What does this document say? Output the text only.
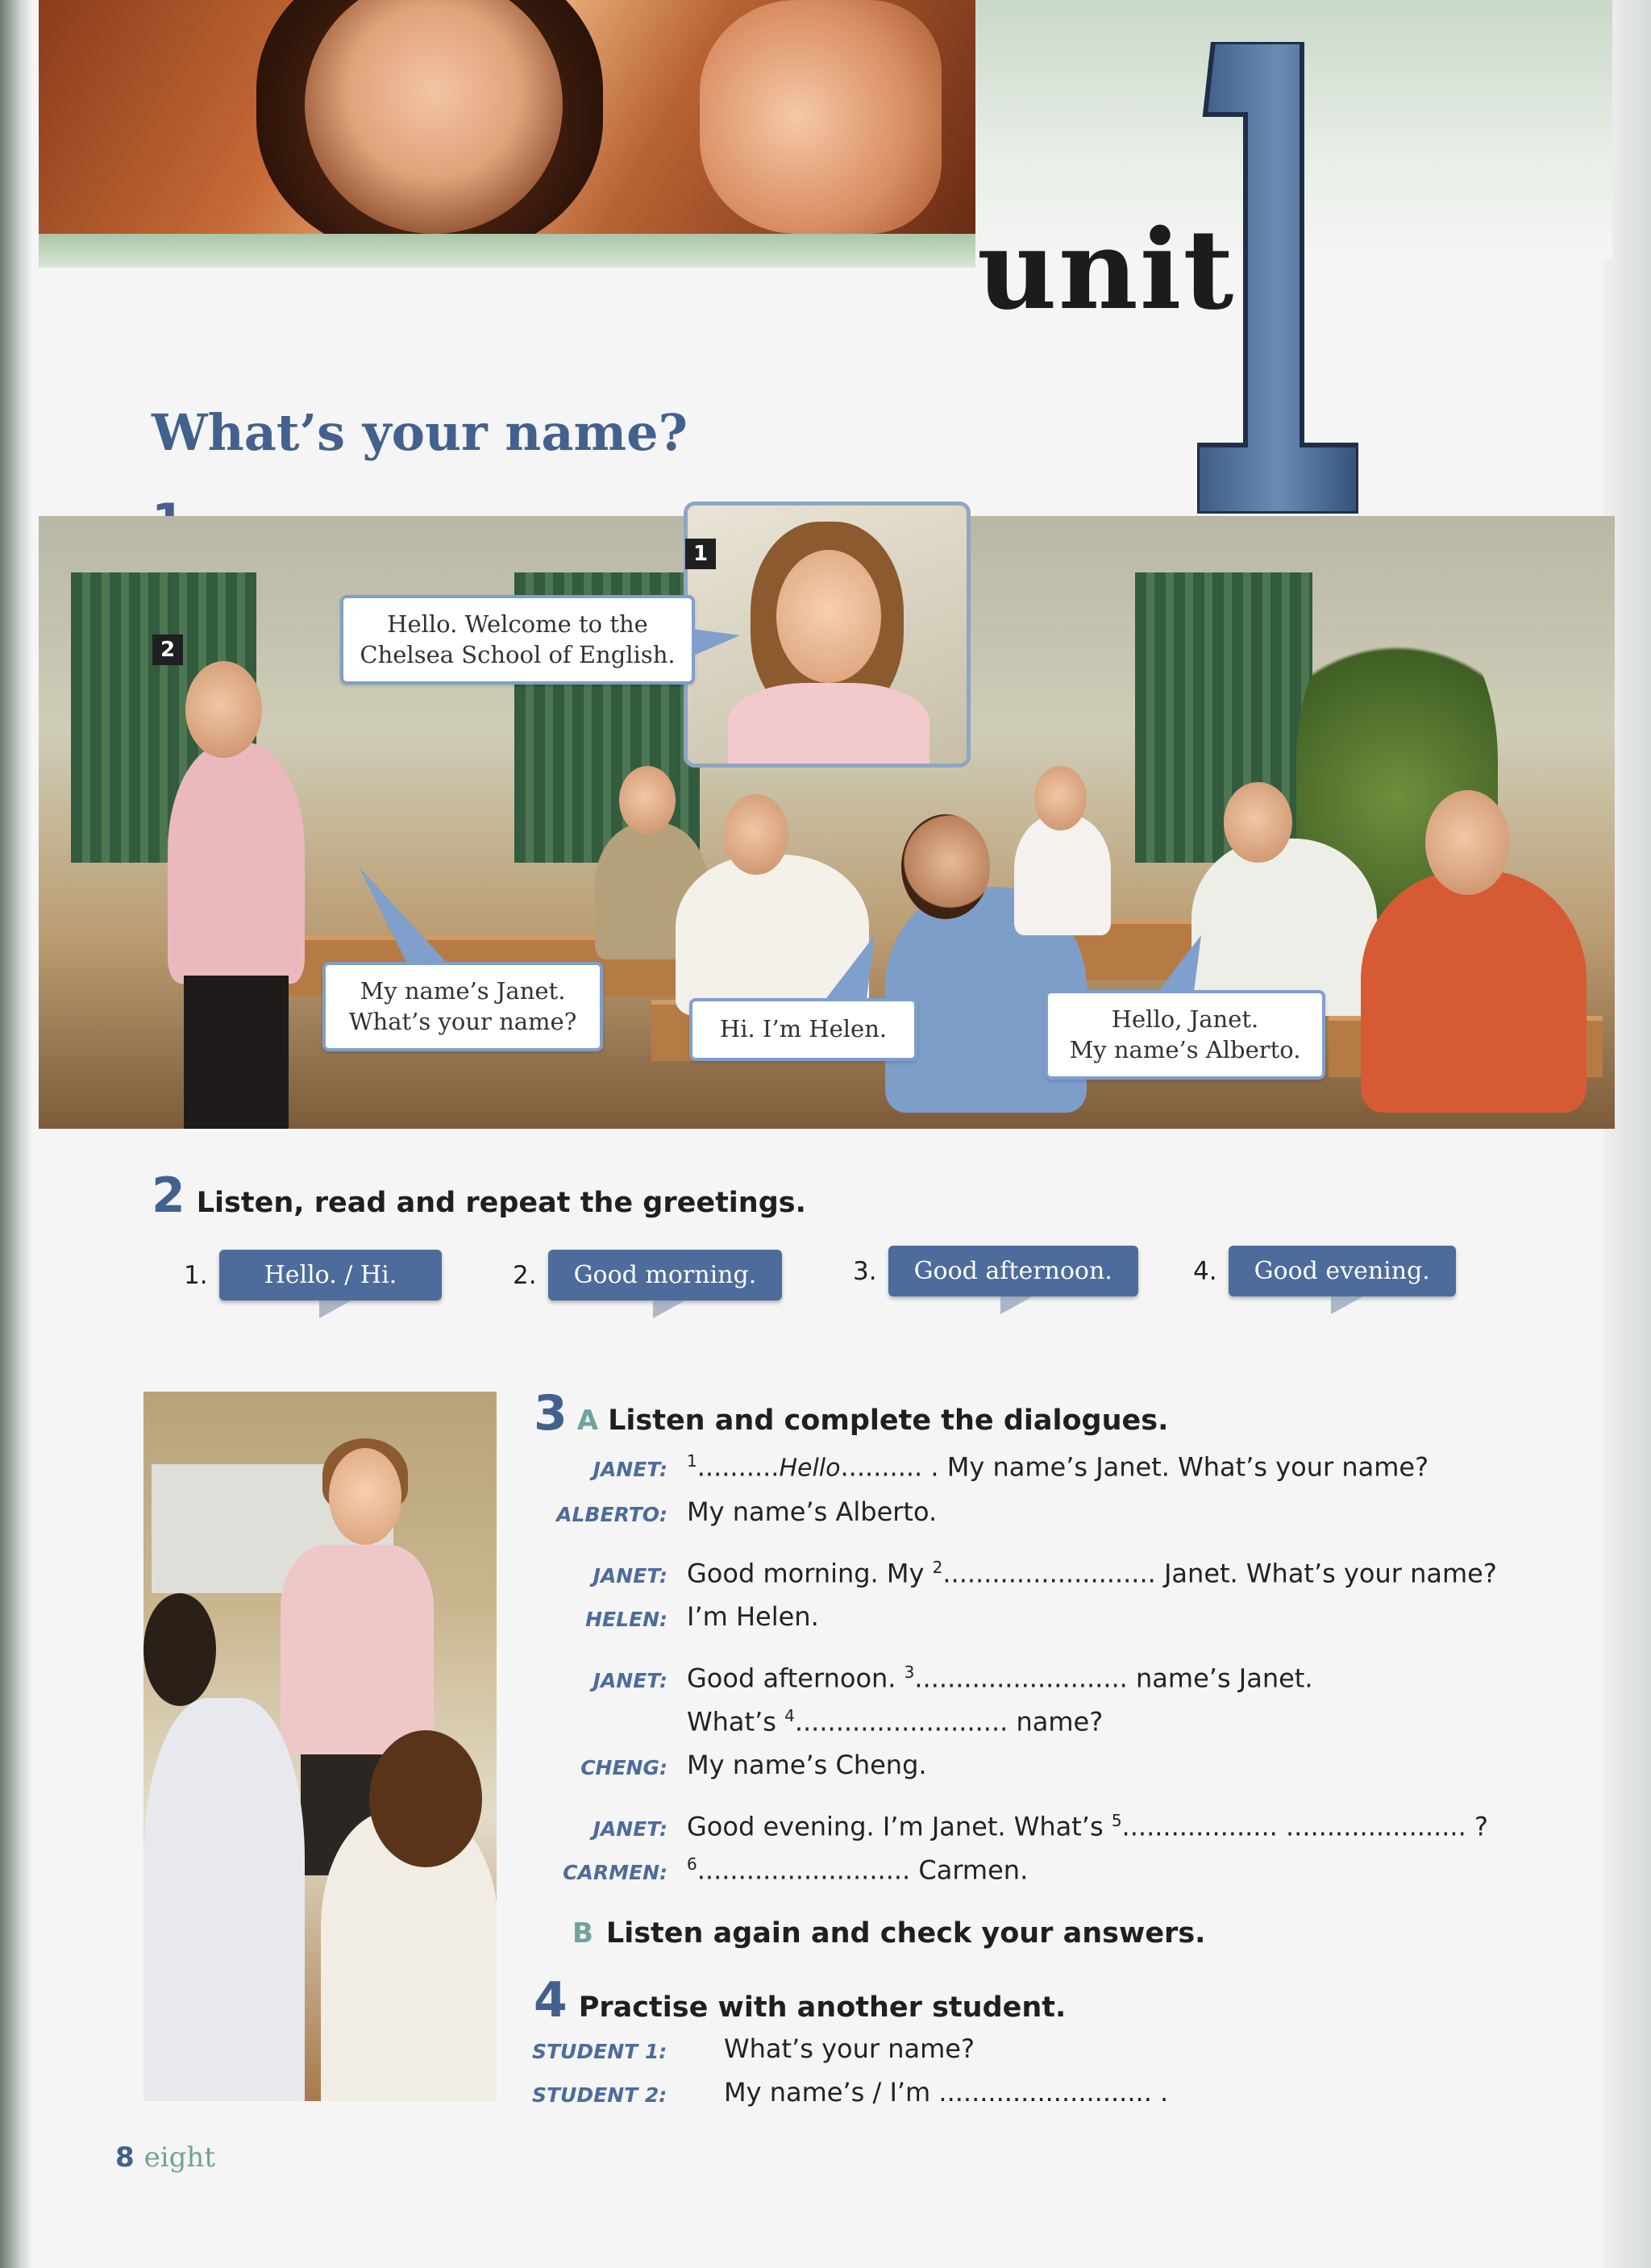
unit
What’s your name?
1
2
Hello. Welcome to the
Chelsea School of English.
My name’s Janet.
What’s your name?	Hi. I’m Helen.	Hello, Janet.
My name’s Alberto.
2 Listen, read and repeat the greetings.
1.	Hello. / Hi.	2.	Good morning.	3.	Good afternoon.	4.	Good evening.
3 A Listen and complete the dialogues.
JANET: $^1$..........Hello.......... . My name’s Janet. What’s your name?
ALBERTO: My name’s Alberto.
JANET: Good morning. My $^2$.......................... Janet. What’s your name?
HELEN: I’m Helen.
JANET: Good afternoon. $^3$.......................... name’s Janet.
What’s $^4$.......................... name?
CHENG: My name’s Cheng.
JANET: Good evening. I’m Janet. What’s $^5$................... ...................... ?
CARMEN: $^6$.......................... Carmen.
B Listen again and check your answers.
4 Practise with another student.
STUDENT 1:	What’s your name?
STUDENT 2:	My name’s / I’m .......................... .
8 eight
